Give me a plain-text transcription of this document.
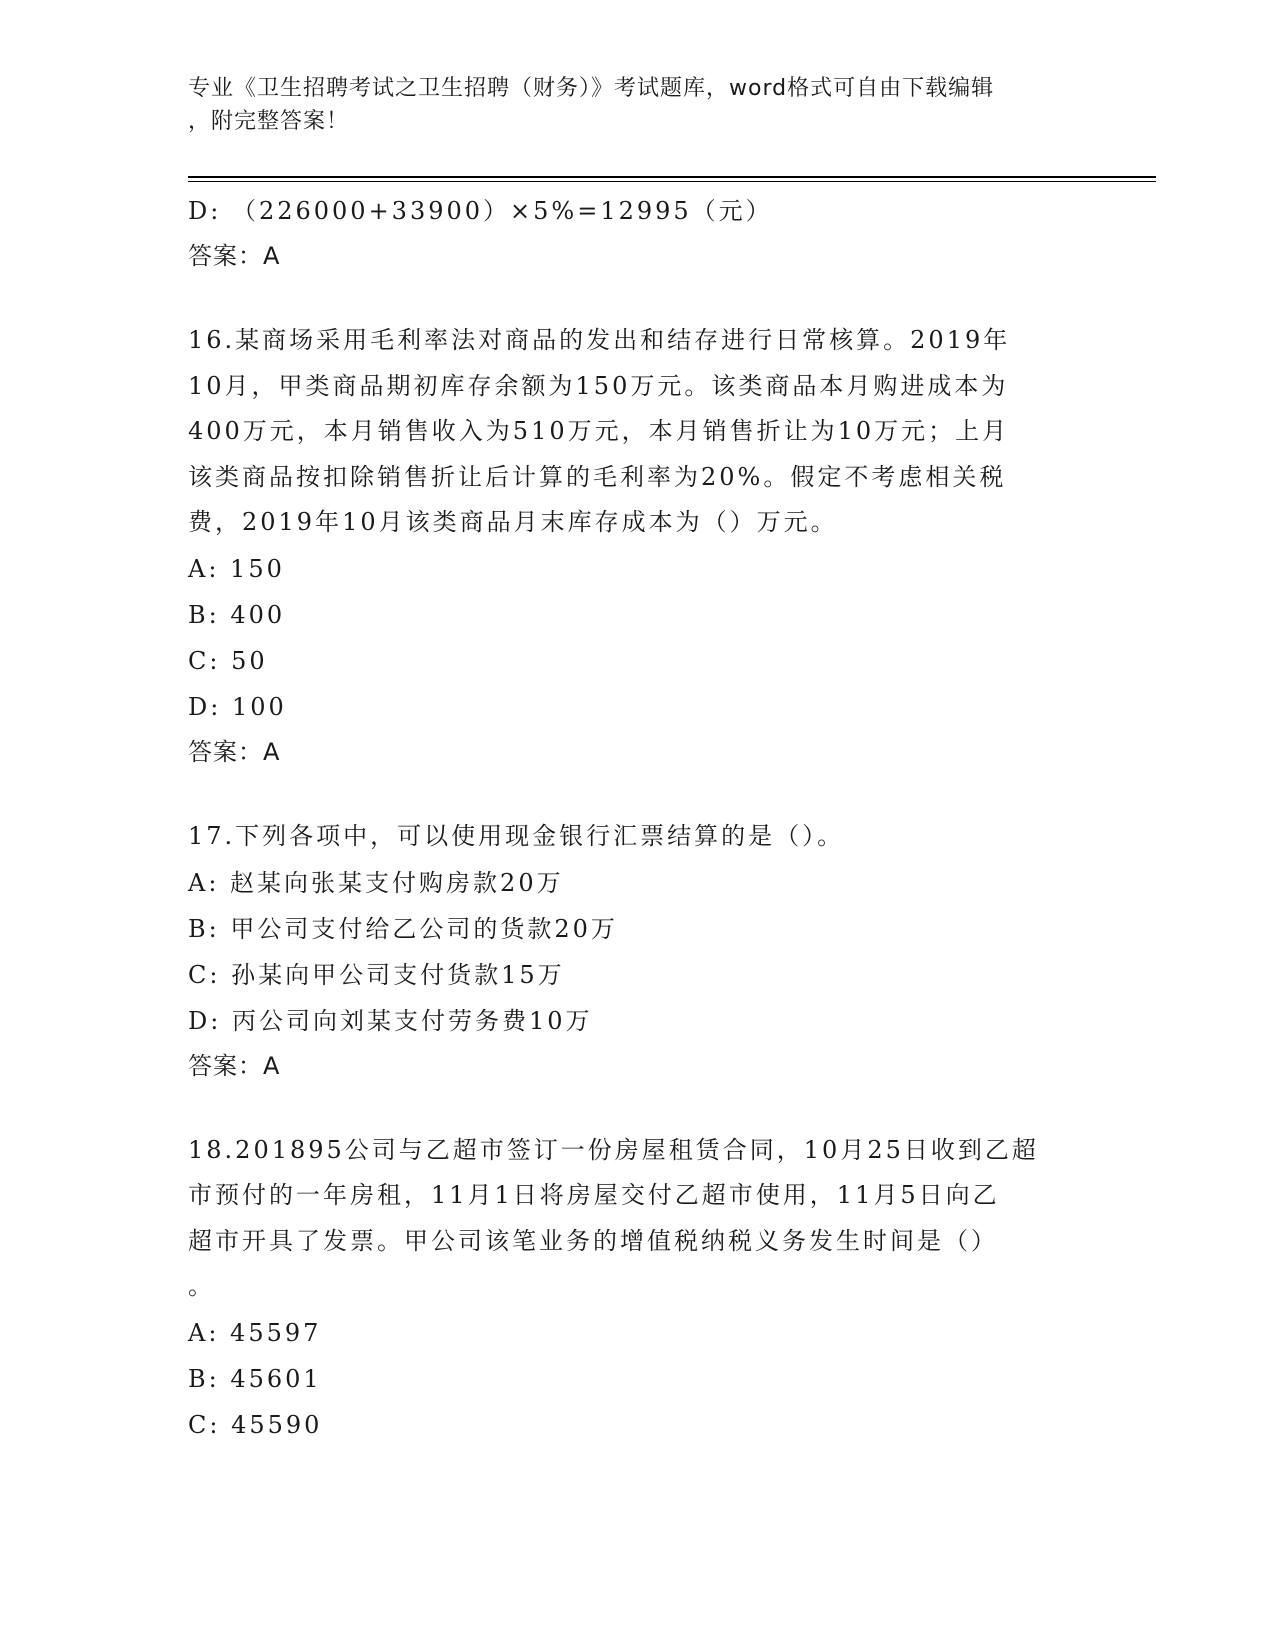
专业《卫生招聘考试之卫生招聘（财务）》考试题库，word格式可自由下载编辑
，附完整答案！
D: （226000+33900）×5%=12995（元）
答案：A
16.某商场采用毛利率法对商品的发出和结存进行日常核算。2019年
10月，甲类商品期初库存余额为150万元。该类商品本月购进成本为
400万元，本月销售收入为510万元，本月销售折让为10万元；上月
该类商品按扣除销售折让后计算的毛利率为20%。假定不考虑相关税
费，2019年10月该类商品月末库存成本为（）万元。
A: 150
B: 400
C: 50
D: 100
答案：A
17.下列各项中，可以使用现金银行汇票结算的是（）。
A: 赵某向张某支付购房款20万
B: 甲公司支付给乙公司的货款20万
C: 孙某向甲公司支付货款15万
D: 丙公司向刘某支付劳务费10万
答案：A
18.201895公司与乙超市签订一份房屋租赁合同，10月25日收到乙超
市预付的一年房租，11月1日将房屋交付乙超市使用，11月5日向乙
超市开具了发票。甲公司该笔业务的增值税纳税义务发生时间是（）
。
A: 45597
B: 45601
C: 45590
